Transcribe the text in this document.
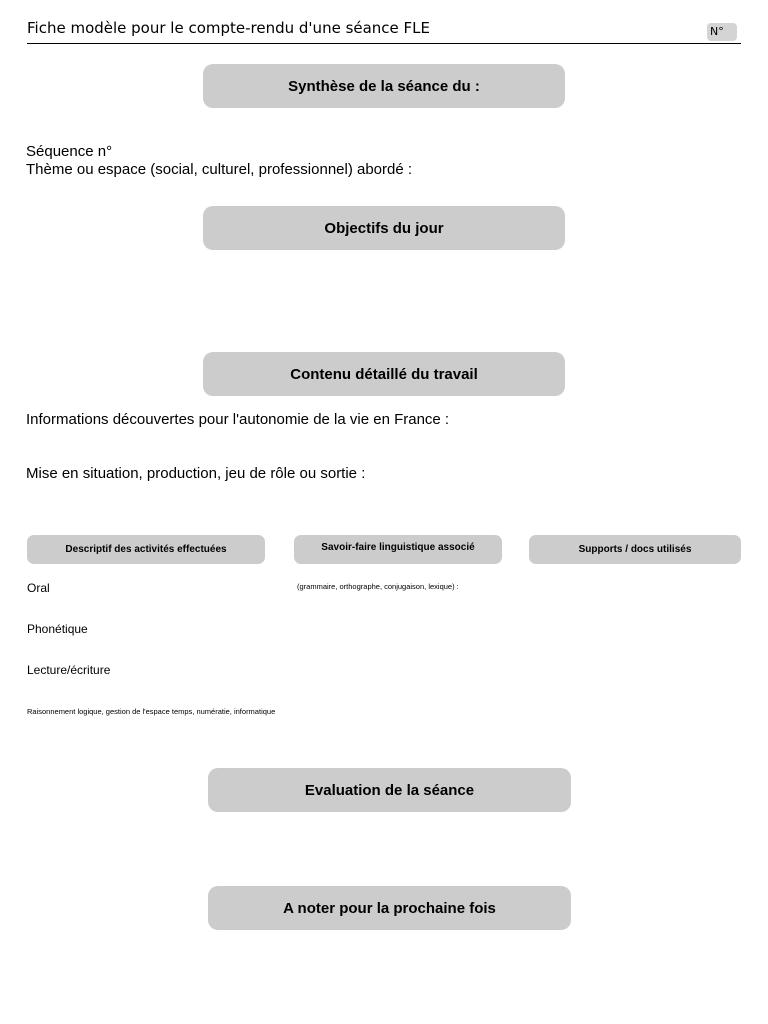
Fiche modèle pour le compte-rendu d'une séance FLE	N°
Synthèse de la séance du :
Séquence n°
Thème ou espace (social, culturel, professionnel) abordé :
Objectifs du jour
Contenu détaillé du travail
Informations découvertes pour l'autonomie de la vie en France :
Mise en situation, production, jeu de rôle ou sortie :
Descriptif des activités effectuées	Savoir-faire linguistique associé	Supports / docs utilisés
Oral	(grammaire, orthographe, conjugaison, lexique) :
Phonétique
Lecture/écriture
Raisonnement logique, gestion de l'espace temps, numératie, informatique
Evaluation de la séance
A noter pour la prochaine fois
